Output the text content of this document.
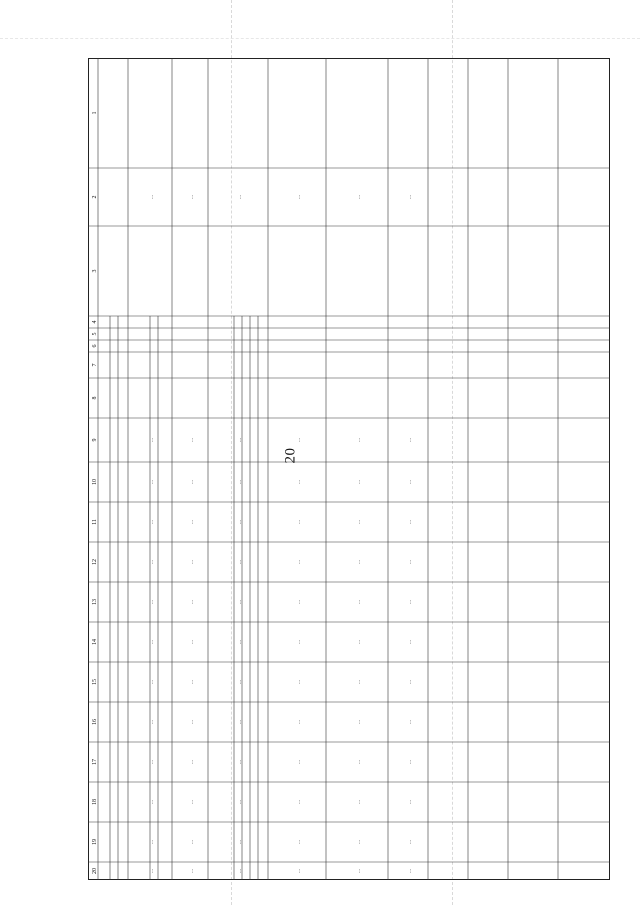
20
1
2
3
4
5
6
7
8
9
10
11
12
13
14
15
16
17
18
19
20
…
…
…
…
…
…
…
…
…
…
…
…
…
…
…
…
…
…
…
…
…
…
…
…
…
…
…
…
…
…
…
…
…
…
…
…
…
…
…
…
…
…
…
…
…
…
…
…
…
…
…
…
…
…
…
…
…
…
…
…
…
…
…
…
…
…
…
…
…
…
…
…
…
…
…
…
…
…
